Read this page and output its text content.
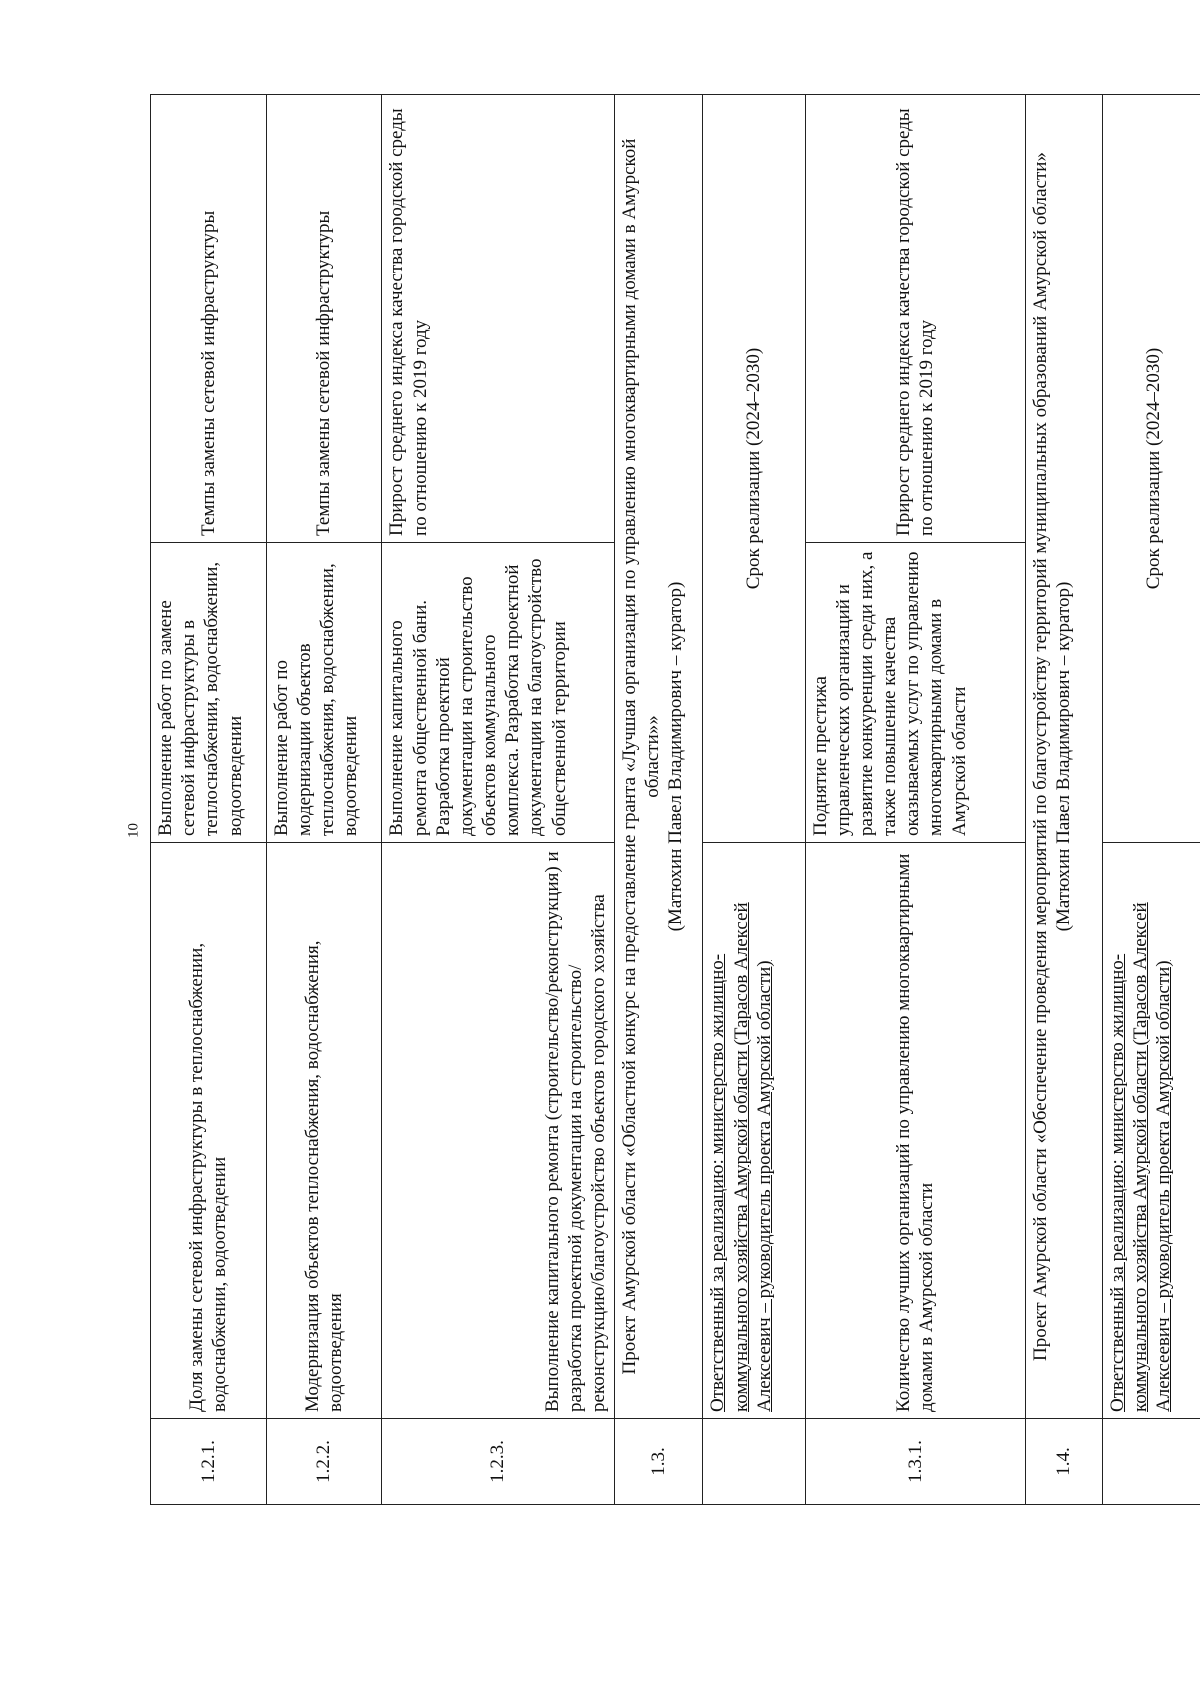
10
1.2.1.	Доля замены сетевой инфраструктуры в теплоснабжении, водоснабжении, водоотведении	Выполнение работ по замене сетевой инфраструктуры в теплоснабжении, водоснабжении, водоотведении	Темпы замены сетевой инфраструктуры
1.2.2.	Модернизация объектов теплоснабжения, водоснабжения, водоотведения	Выполнение работ по модернизации объектов теплоснабжения, водоснабжении, водоотведении	Темпы замены сетевой инфраструктуры
1.2.3.	Выполнение капитального ремонта (строительство/реконструкция) и разработка проектной документации на строительство/реконструкцию/благоустройство объектов городского хозяйства	Выполнение капитального ремонта общественной бани. Разработка проектной документации на строительство объектов коммунального комплекса. Разработка проектной документации на благоустройство общественной территории	Прирост среднего индекса качества городской среды по отношению к 2019 году
1.3.	Проект Амурской области «Областной конкурс на предоставление гранта «Лучшая организация по управлению многоквартирными домами в Амурской области»» (Матюхин Павел Владимирович – куратор)		
	Ответственный за реализацию: министерство жилищно-коммунального хозяйства Амурской области (Тарасов Алексей Алексеевич – руководитель проекта Амурской области)	Срок реализации (2024–2030)	
1.3.1.	Количество лучших организаций по управлению многоквартирными домами в Амурской области	Поднятие престижа управленческих организаций и развитие конкуренции среди них, а также повышение качества оказываемых услуг по управлению многоквартирными домами в Амурской области	Прирост среднего индекса качества городской среды по отношению к 2019 году
1.4.	Проект Амурской области «Обеспечение проведения мероприятий по благоустройству территорий муниципальных образований Амурской области» (Матюхин Павел Владимирович – куратор)		
	Ответственный за реализацию: министерство жилищно-коммунального хозяйства Амурской области (Тарасов Алексей Алексеевич – руководитель проекта Амурской области)	Срок реализации (2024–2030)	
